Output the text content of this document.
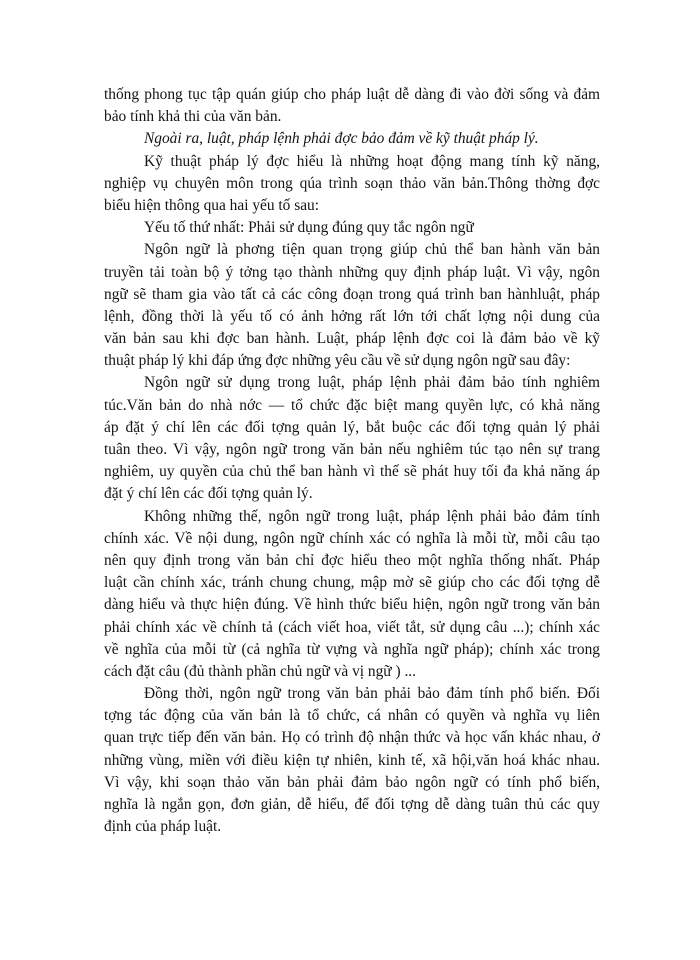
thống phong tục tập quán giúp cho pháp luật dễ dàng đi vào đời sống và đảm
bảo tính khả thi của văn bản.
Ngoài ra, luật, pháp lệnh phải đợc bảo đảm về kỹ thuật pháp lý.
Kỹ thuật pháp lý đợc hiểu là những hoạt động mang tính kỹ năng,
nghiệp vụ chuyên môn trong qúa trình soạn thảo văn bản.Thông thờng đợc
biểu hiện thông qua hai yếu tố sau:
Yếu tố thứ nhất: Phải sử dụng đúng quy tắc ngôn ngữ
Ngôn ngữ là phơng tiện quan trọng giúp chủ thể ban hành văn bản
truyền tải toàn bộ ý tởng tạo thành những quy định pháp luật. Vì vậy, ngôn
ngữ sẽ tham gia vào tất cả các công đoạn trong quá trình ban hànhluật, pháp
lệnh, đồng thời là yếu tố có ảnh hởng rất lớn tới chất lợng nội dung của
văn bản sau khi đợc ban hành. Luật, pháp lệnh đợc coi là đảm bảo về kỹ
thuật pháp lý khi đáp ứng đợc những yêu cầu về sử dụng ngôn ngữ sau đây:
Ngôn ngữ sử dụng trong luật, pháp lệnh phải đảm bảo tính nghiêm
túc.Văn bản do nhà nớc — tổ chức đặc biệt mang quyền lực, có khả năng
áp đặt ý chí lên các đối tợng quản lý, bắt buộc các đối tợng quản lý phải
tuân theo. Vì vậy, ngôn ngữ trong văn bản nếu nghiêm túc tạo nên sự trang
nghiêm, uy quyền của chủ thể ban hành vì thế sẽ phát huy tối đa khả năng áp
đặt ý chí lên các đối tợng quản lý.
Không những thế, ngôn ngữ trong luật, pháp lệnh phải bảo đảm tính
chính xác. Về nội dung, ngôn ngữ chính xác có nghĩa là mỗi từ, mỗi câu tạo
nên quy định trong văn bản chỉ đợc hiểu theo một nghĩa thống nhất. Pháp
luật cần chính xác, tránh chung chung, mập mờ sẽ giúp cho các đối tợng dễ
dàng hiểu và thực hiện đúng. Về hình thức biểu hiện, ngôn ngữ trong văn bản
phải chính xác về chính tả (cách viết hoa, viết tắt, sử dụng câu ...); chính xác
về nghĩa của mỗi từ (cả nghĩa từ vựng và nghĩa ngữ pháp); chính xác trong
cách đặt câu (đủ thành phần chủ ngữ và vị ngữ ) ...
Đồng thời, ngôn ngữ trong văn bản phải bảo đảm tính phổ biến. Đối
tợng tác động của văn bản là tổ chức, cá nhân có quyền và nghĩa vụ liên
quan trực tiếp đến văn bản. Họ có trình độ nhận thức và học vấn khác nhau, ở
những vùng, miền với điều kiện tự nhiên, kinh tế, xã hội,văn hoá khác nhau.
Vì vậy, khi soạn thảo văn bản phải đảm bảo ngôn ngữ có tính phổ biến,
nghĩa là ngắn gọn, đơn giản, dễ hiểu, để đối tợng dễ dàng tuân thủ các quy
định của pháp luật.
